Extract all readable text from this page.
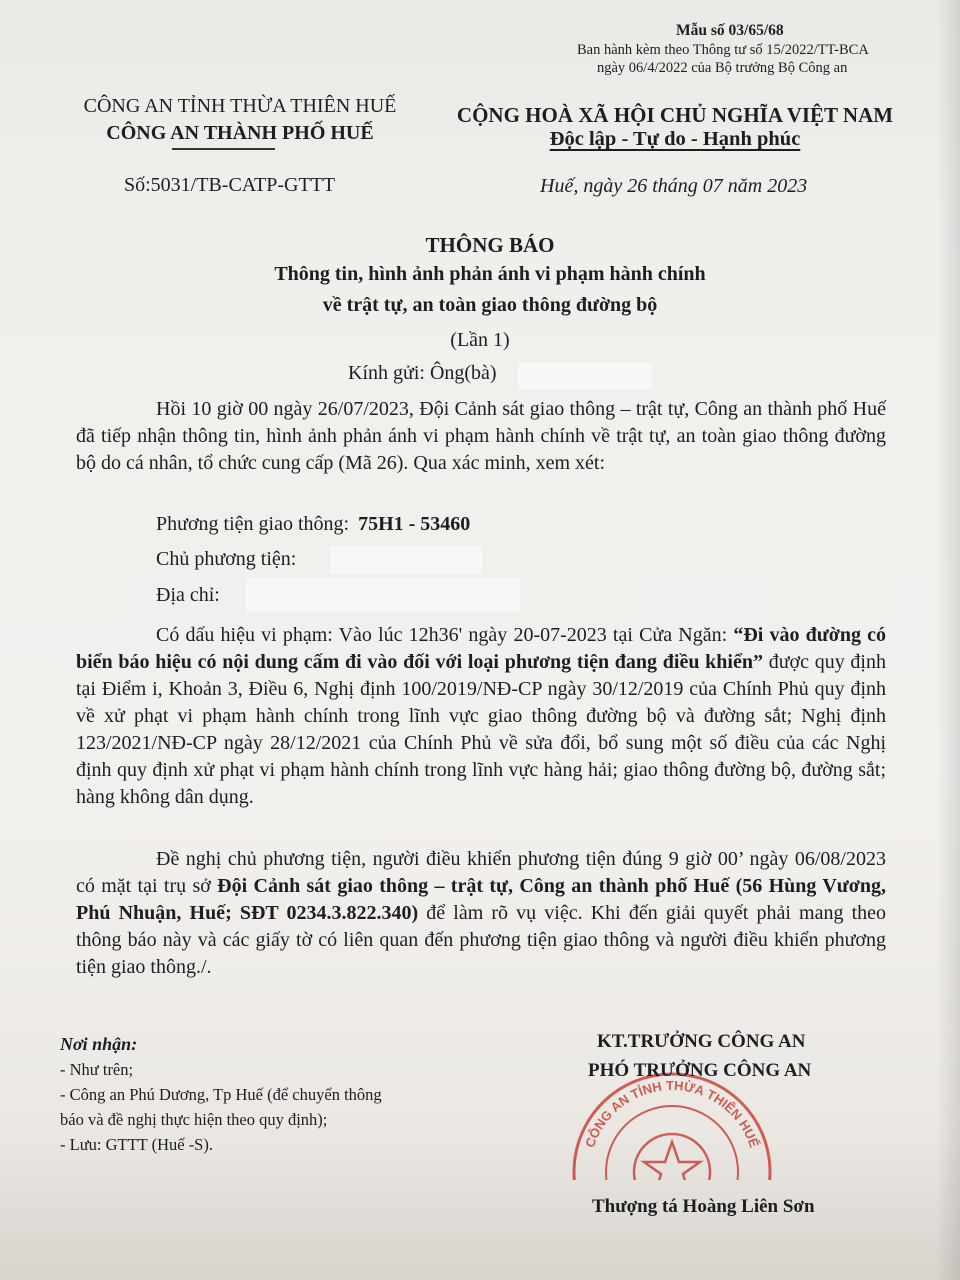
Mẫu số 03/65/68
Ban hành kèm theo Thông tư số 15/2022/TT-BCA
ngày 06/4/2022 của Bộ trưởng Bộ Công an
CÔNG AN TỈNH THỪA THIÊN HUẾ
CÔNG AN THÀNH PHỐ HUẾ
Số:5031/TB-CATP-GTTT
CỘNG HOÀ XÃ HỘI CHỦ NGHĨA VIỆT NAM
Độc lập - Tự do - Hạnh phúc
Huế, ngày 26 tháng 07 năm 2023
THÔNG BÁO
Thông tin, hình ảnh phản ánh vi phạm hành chính
về trật tự, an toàn giao thông đường bộ
(Lần 1)
Kính gửi: Ông(bà)
Hồi 10 giờ 00 ngày 26/07/2023, Đội Cảnh sát giao thông – trật tự, Công an thành phố Huế đã tiếp nhận thông tin, hình ảnh phản ánh vi phạm hành chính về trật tự, an toàn giao thông đường bộ do cá nhân, tổ chức cung cấp (Mã 26). Qua xác minh, xem xét:
Phương tiện giao thông: 75H1 - 53460
Chủ phương tiện:
Địa chỉ:
Có dấu hiệu vi phạm: Vào lúc 12h36' ngày 20-07-2023 tại Cửa Ngăn: “Đi vào đường có biển báo hiệu có nội dung cấm đi vào đối với loại phương tiện đang điều khiển” được quy định tại Điểm i, Khoản 3, Điều 6, Nghị định 100/2019/NĐ-CP ngày 30/12/2019 của Chính Phủ quy định về xử phạt vi phạm hành chính trong lĩnh vực giao thông đường bộ và đường sắt; Nghị định 123/2021/NĐ-CP ngày 28/12/2021 của Chính Phủ về sửa đổi, bổ sung một số điều của các Nghị định quy định xử phạt vi phạm hành chính trong lĩnh vực hàng hải; giao thông đường bộ, đường sắt; hàng không dân dụng.
Đề nghị chủ phương tiện, người điều khiển phương tiện đúng 9 giờ 00’ ngày 06/08/2023 có mặt tại trụ sở Đội Cảnh sát giao thông – trật tự, Công an thành phố Huế (56 Hùng Vương, Phú Nhuận, Huế; SĐT 0234.3.822.340) để làm rõ vụ việc. Khi đến giải quyết phải mang theo thông báo này và các giấy tờ có liên quan đến phương tiện giao thông và người điều khiển phương tiện giao thông./.
Nơi nhận:
- Như trên;
- Công an Phú Dương, Tp Huế (để chuyển thông
báo và đề nghị thực hiện theo quy định);
- Lưu: GTTT (Huế -S).	CÔNG AN TỈNH THỪA THIÊN HUẾ
KT.TRƯỞNG CÔNG AN
PHÓ TRƯỞNG CÔNG AN
Thượng tá Hoàng Liên Sơn
